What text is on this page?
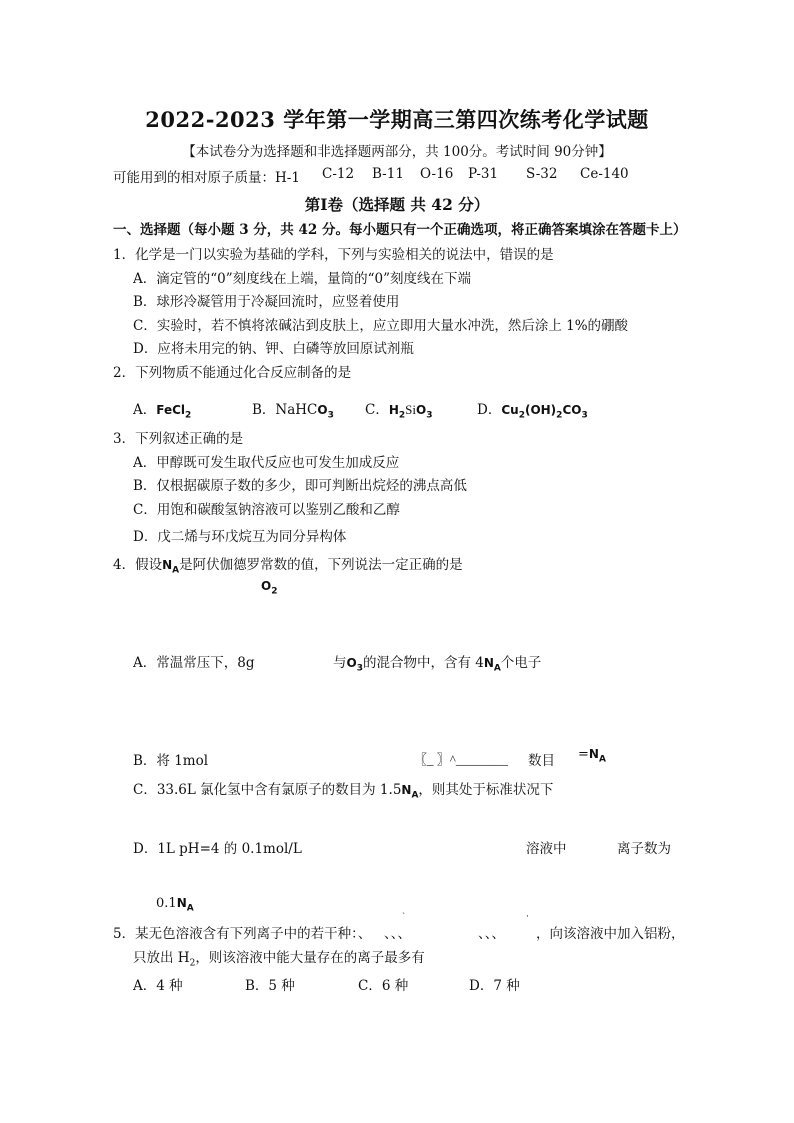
2022-2023 学年第一学期高三第四次练考化学试题
【本试卷分为选择题和非选择题两部分，共 100分。考试时间 90分钟】
可能用到的相对原子质量：H-1 C-12 B-11 O-16 P-31 S-32 Ce-140
第Ⅰ卷（选择题 共 42 分）
一、选择题（每小题 3 分，共 42 分。每小题只有一个正确选项，将正确答案填涂在答题卡上）
1．化学是一门以实验为基础的学科，下列与实验相关的说法中，错误的是
A．滴定管的“0”刻度线在上端，量筒的“0”刻度线在下端
B．球形冷凝管用于冷凝回流时，应竖着使用
C．实验时，若不慎将浓碱沾到皮肤上，应立即用大量水冲洗，然后涂上 1%的硼酸
D．应将未用完的钠、钾、白磷等放回原试剂瓶
2．下列物质不能通过化合反应制备的是
A．FeCl$_2$	B．NaHCO$_3$ C．$H_2SiO_3$	D．$Cu_2(OH)_2CO_3$
3．下列叙述正确的是
A．甲醇既可发生取代反应也可发生加成反应
B．仅根据碳原子数的多少，即可判断出烷烃的沸点高低
C．用饱和碳酸氢钠溶液可以鉴别乙酸和乙醇
D．戊二烯与环戊烷互为同分异构体
4．假设$N_A$是阿伏伽德罗常数的值，下列说法一定正确的是
$O_2$
A．常温常压下，8g	与$O_3$的混合物中，含有 $4N_A$个电子
B．将 1mol	〖_ 〗^________ 数目 $=N_A$
C．33.6L 氯化氢中含有氯原子的数目为 $1.5N_A$，则其处于标准状况下
D．1L pH=4 的 0.1mol/L	溶液中	离子数为
$0.1N_A$
5．某无色溶液含有下列离子中的若干种：、
ˋ
、、、	、、、
·
，向该溶液中加入铝粉，
只放出 $H_2$，则该溶液中能大量存在的离子最多有
A．4 种	B．5 种	C．6 种	D．7 种
